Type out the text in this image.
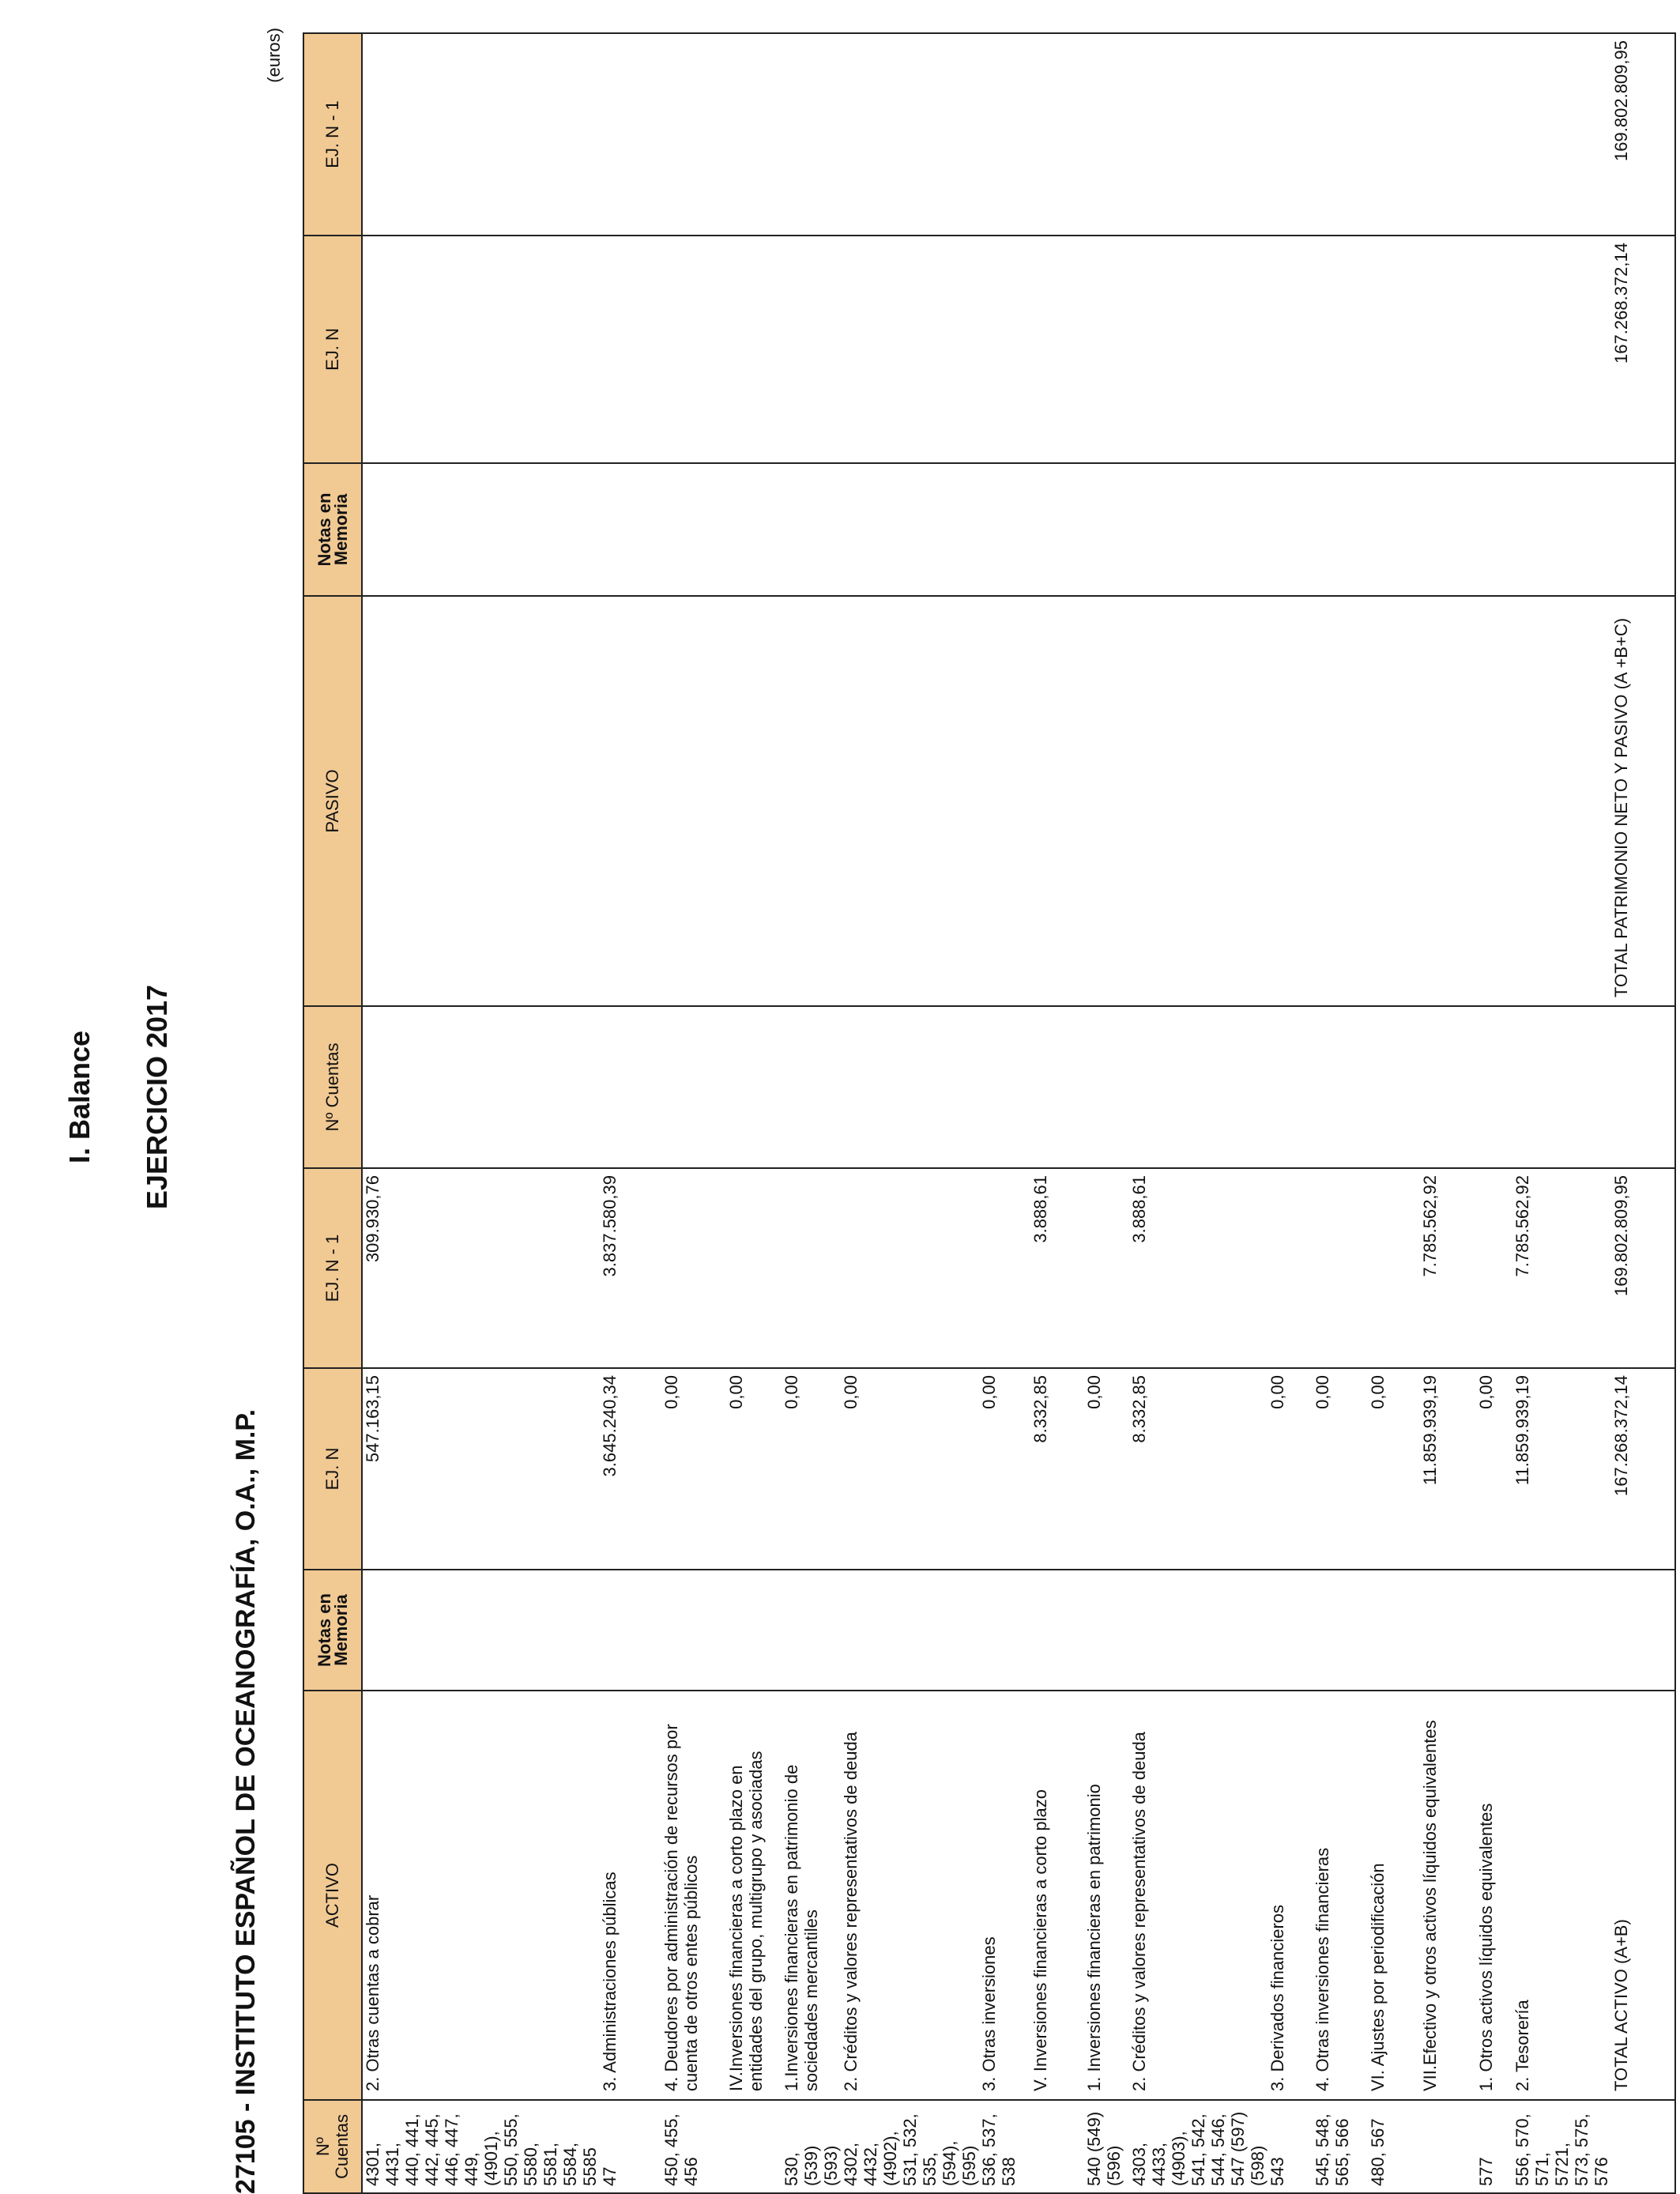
I. Balance EJERCICIO 2017
27105 - INSTITUTO ESPAÑOL DE OCEANOGRAFÍA, O.A., M.P.
(euros)
Nº Cuentas	ACTIVO	Notas en Memoria	EJ. N	EJ. N - 1	Nº Cuentas	PASIVO	Notas en Memoria	EJ. N	EJ. N - 1
4301, 4431, 440, 441, 442, 445, 446, 447, 449, (4901), 550, 555, 5580, 5581, 5584, 5585	2. Otras cuentas a cobrar		547.163,15	309.930,76					
47	3. Administraciones públicas		3.645.240,34	3.837.580,39					
450, 455, 456	4. Deudores por administración de recursos por cuenta de otros entes públicos		0,00						
	IV.Inversiones financieras a corto plazo en entidades del grupo, multigrupo y asociadas		0,00						
530, (539) (593)	1.Inversiones financieras en patrimonio de sociedades mercantiles		0,00						
4302, 4432, (4902), 531, 532, 535, (594), (595)	2. Créditos y valores representativos de deuda		0,00						
536, 537, 538	3. Otras inversiones		0,00						
	V. Inversiones financieras a corto plazo		8.332,85	3.888,61					
540 (549) (596)	1. Inversiones financieras en patrimonio		0,00						
4303, 4433, (4903), 541, 542, 544, 546, 547 (597) (598)	2. Créditos y valores representativos de deuda		8.332,85	3.888,61					
543	3. Derivados financieros		0,00						
545, 548, 565, 566	4. Otras inversiones financieras		0,00						
480, 567	VI. Ajustes por periodificación		0,00						
	VII.Efectivo y otros activos líquidos equivalentes		11.859.939,19	7.785.562,92					
577	1. Otros activos líquidos equivalentes		0,00						
556, 570, 571, 5721, 573, 575, 576	2. Tesorería		11.859.939,19	7.785.562,92					
	TOTAL ACTIVO (A+B)		167.268.372,14	169.802.809,95		TOTAL PATRIMONIO NETO Y PASIVO (A +B+C)		167.268.372,14	169.802.809,95
